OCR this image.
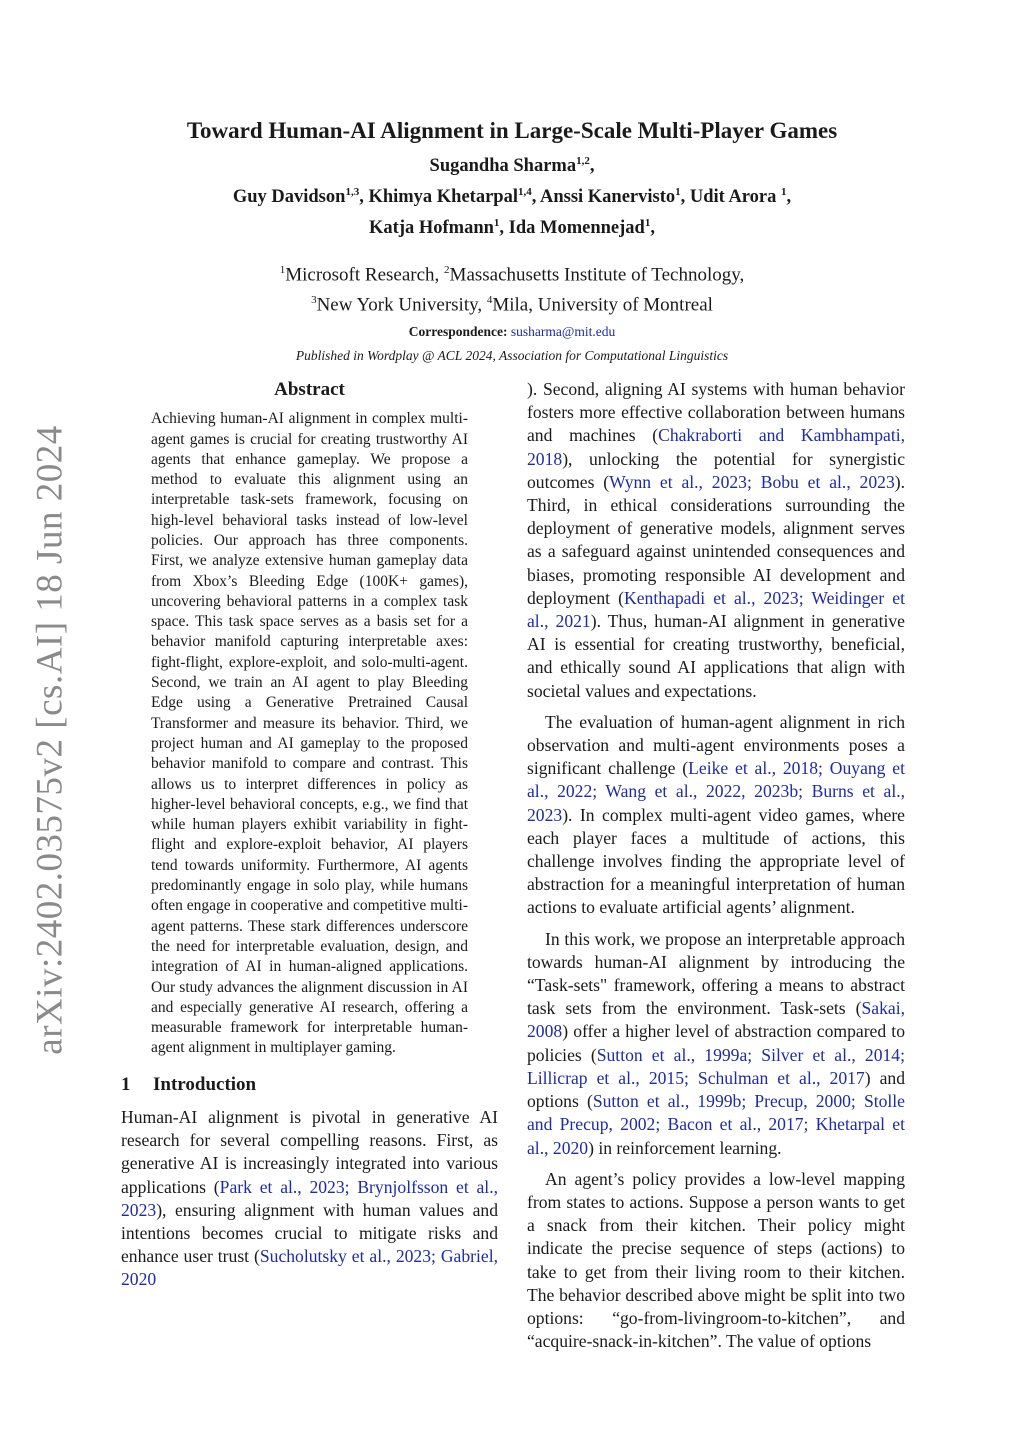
arXiv:2402.03575v2 [cs.AI] 18 Jun 2024
Toward Human-AI Alignment in Large-Scale Multi-Player Games
Sugandha Sharma$^{1,2}$,
Guy Davidson$^{1,3}$, Khimya Khetarpal$^{1,4}$, Anssi Kanervisto$^1$, Udit Arora $^1$,
Katja Hofmann$^1$, Ida Momennejad$^1$,
$^1$Microsoft Research, $^2$Massachusetts Institute of Technology,
$^3$New York University, $^4$Mila, University of Montreal
Correspondence: susharma@mit.edu
Published in Wordplay @ ACL 2024, Association for Computational Linguistics
Abstract

Achieving human-AI alignment in complex multi-agent games is crucial for creating trustworthy AI agents that enhance gameplay. We propose a method to evaluate this alignment using an interpretable task-sets framework, focusing on high-level behavioral tasks instead of low-level policies. Our approach has three components. First, we analyze extensive human gameplay data from Xbox’s Bleeding Edge (100K+ games), uncovering behavioral patterns in a complex task space. This task space serves as a basis set for a behavior manifold capturing interpretable axes: fight-flight, explore-exploit, and solo-multi-agent. Second, we train an AI agent to play Bleeding Edge using a Generative Pretrained Causal Transformer and measure its behavior. Third, we project human and AI gameplay to the proposed behavior manifold to compare and contrast. This allows us to interpret differences in policy as higher-level behavioral concepts, e.g., we find that while human players exhibit variability in fight-flight and explore-exploit behavior, AI players tend towards uniformity. Furthermore, AI agents predominantly engage in solo play, while humans often engage in cooperative and competitive multi-agent patterns. These stark differences underscore the need for interpretable evaluation, design, and integration of AI in human-aligned applications. Our study advances the alignment discussion in AI and especially generative AI research, offering a measurable framework for interpretable human-agent alignment in multiplayer gaming.

1 Introduction

Human-AI alignment is pivotal in generative AI research for several compelling reasons. First, as generative AI is increasingly integrated into various applications (Park et al., 2023; Brynjolfsson et al., 2023), ensuring alignment with human values and intentions becomes crucial to mitigate risks and enhance user trust (Sucholutsky et al., 2023; Gabriel, 2020

). Second, aligning AI systems with human behavior fosters more effective collaboration between humans and machines (Chakraborti and Kambhampati, 2018), unlocking the potential for synergistic outcomes (Wynn et al., 2023; Bobu et al., 2023). Third, in ethical considerations surrounding the deployment of generative models, alignment serves as a safeguard against unintended consequences and biases, promoting responsible AI development and deployment (Kenthapadi et al., 2023; Weidinger et al., 2021). Thus, human-AI alignment in generative AI is essential for creating trustworthy, beneficial, and ethically sound AI applications that align with societal values and expectations.

The evaluation of human-agent alignment in rich observation and multi-agent environments poses a significant challenge (Leike et al., 2018; Ouyang et al., 2022; Wang et al., 2022, 2023b; Burns et al., 2023). In complex multi-agent video games, where each player faces a multitude of actions, this challenge involves finding the appropriate level of abstraction for a meaningful interpretation of human actions to evaluate artificial agents’ alignment.

In this work, we propose an interpretable approach towards human-AI alignment by introducing the “Task-sets" framework, offering a means to abstract task sets from the environment. Task-sets (Sakai, 2008) offer a higher level of abstraction compared to policies (Sutton et al., 1999a; Silver et al., 2014; Lillicrap et al., 2015; Schulman et al., 2017) and options (Sutton et al., 1999b; Precup, 2000; Stolle and Precup, 2002; Bacon et al., 2017; Khetarpal et al., 2020) in reinforcement learning.

An agent’s policy provides a low-level mapping from states to actions. Suppose a person wants to get a snack from their kitchen. Their policy might indicate the precise sequence of steps (actions) to take to get from their living room to their kitchen. The behavior described above might be split into two options: “go-from-livingroom-to-kitchen”, and “acquire-snack-in-kitchen”. The value of options
